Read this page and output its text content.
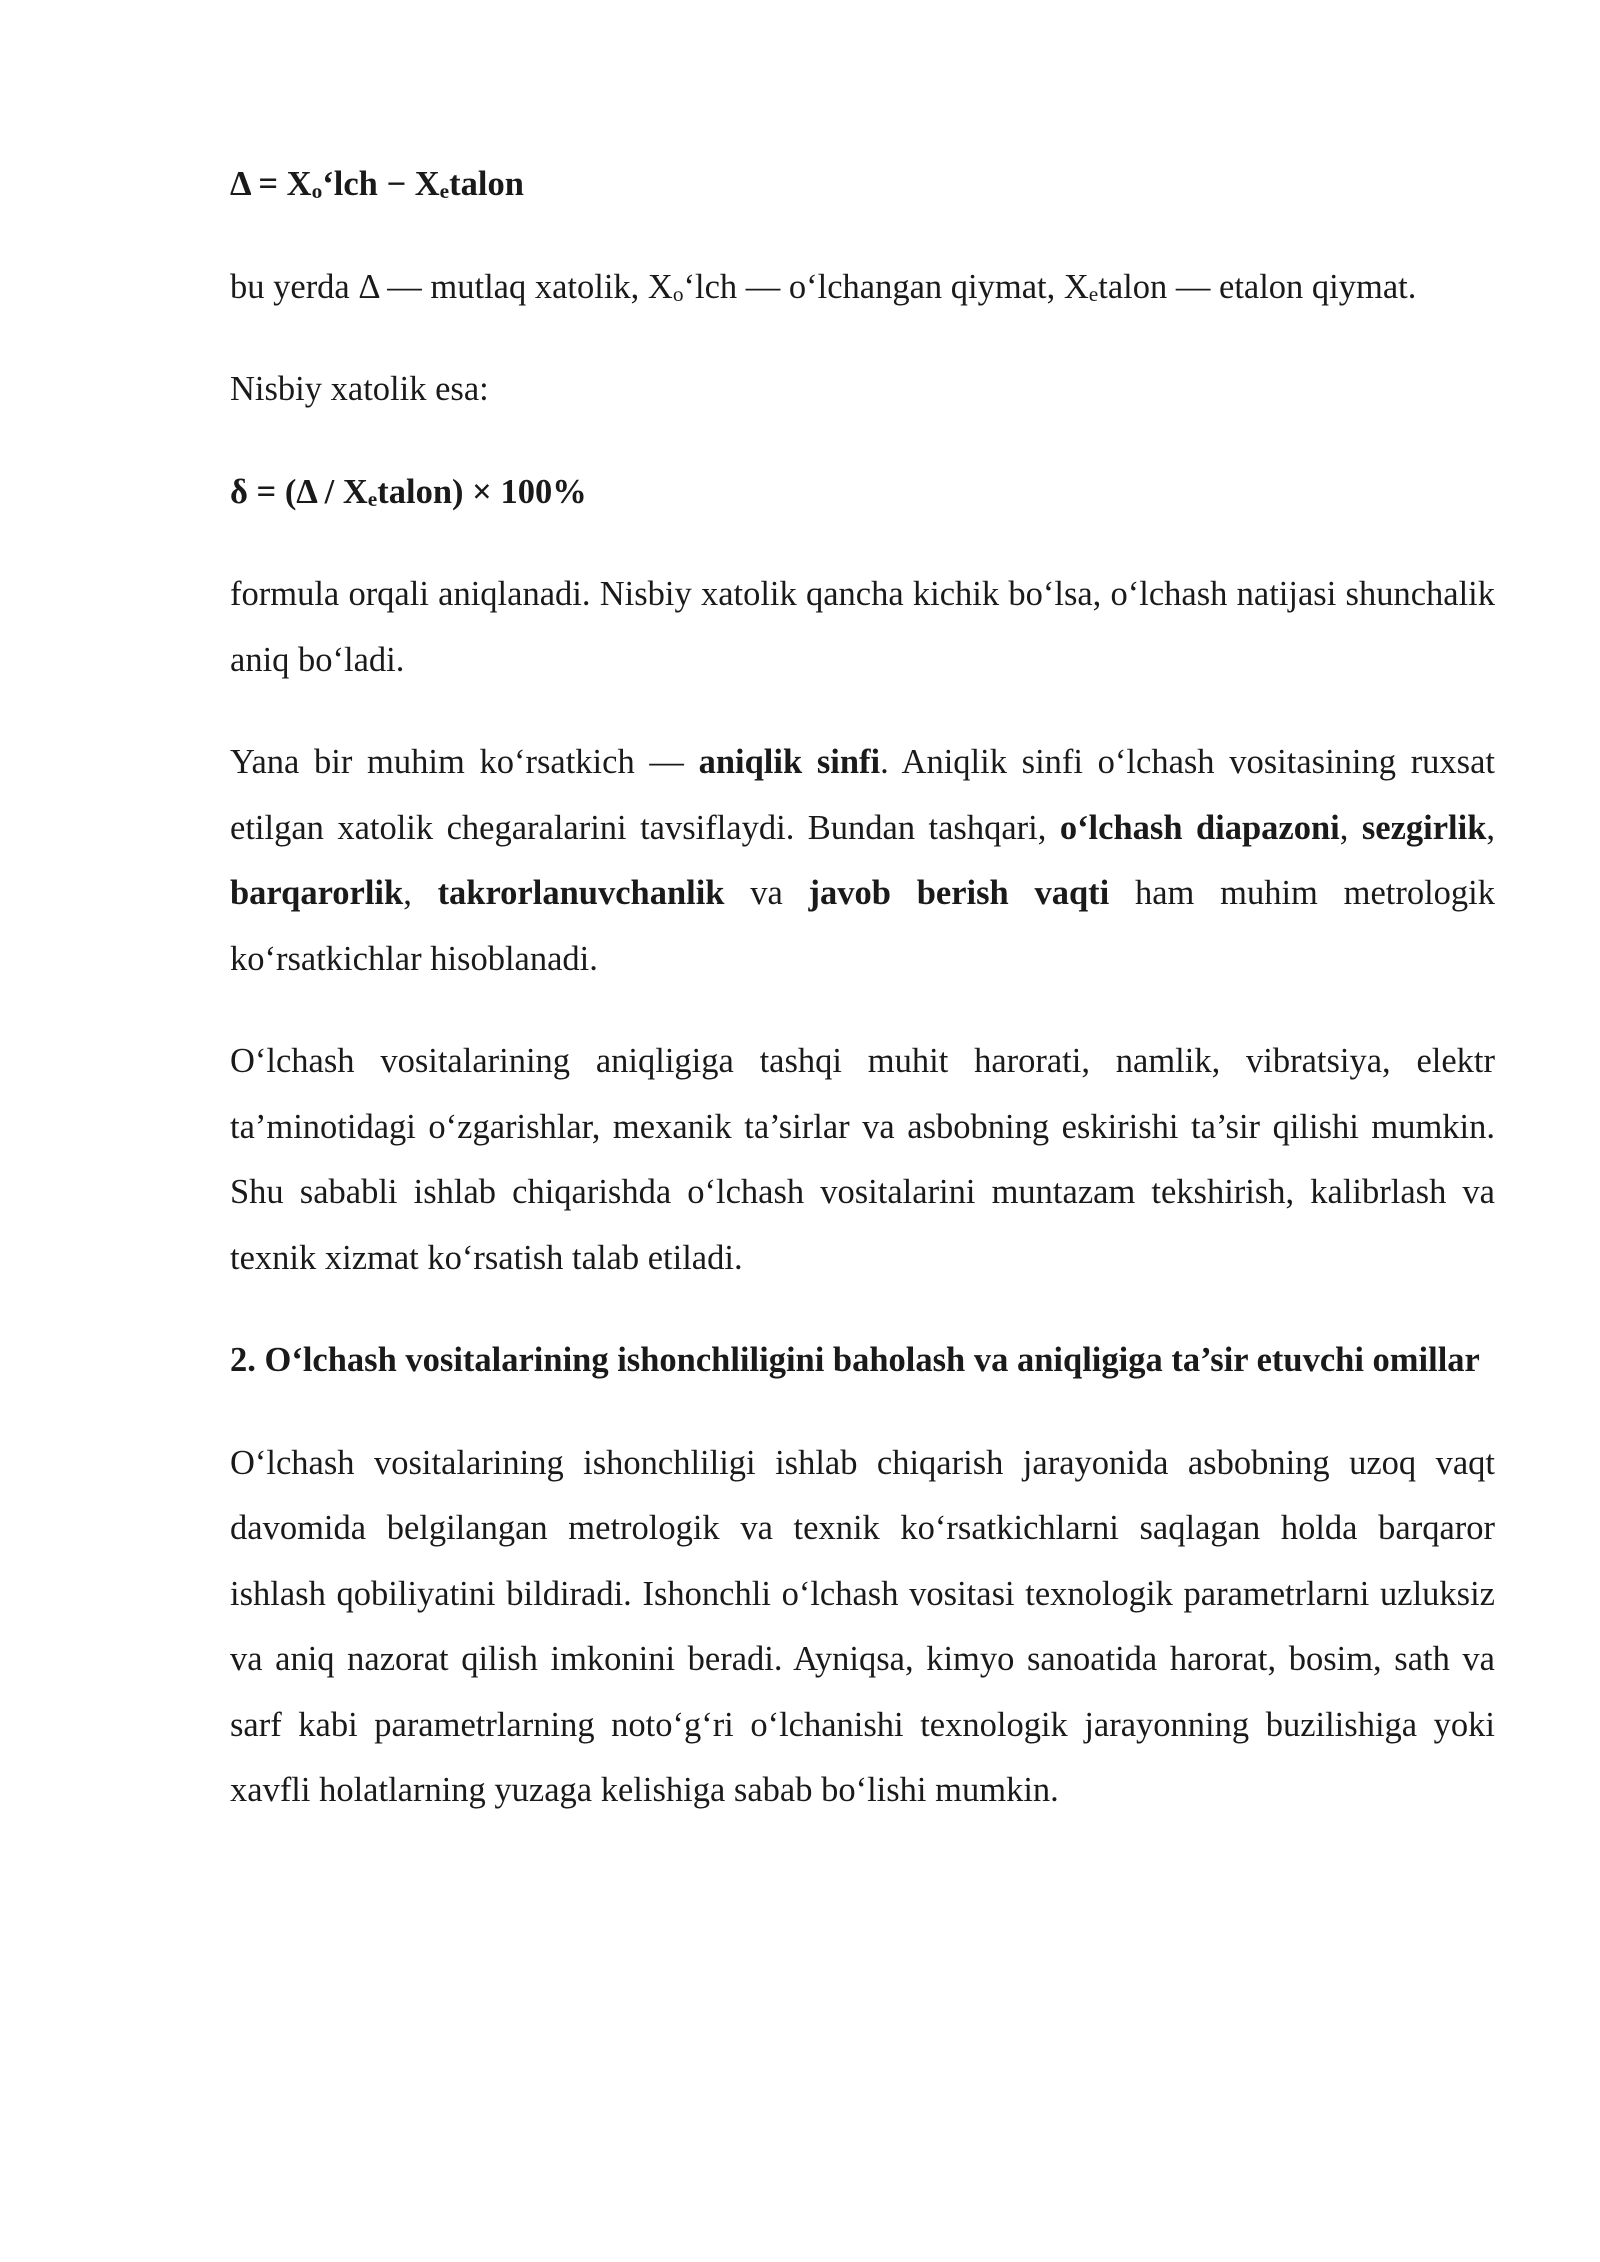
$\Delta = X_o‘lch$ − $X_etalon$

bu yerda Δ — mutlaq xatolik, $X_o‘lch$ — o‘lchangan qiymat, $X_etalon$ — etalon qiymat.

Nisbiy xatolik esa:

$\delta = (\Delta / X_etalon) \times 100\%$

formula orqali aniqlanadi. Nisbiy xatolik qancha kichik bo‘lsa, o‘lchash natijasi shunchalik aniq bo‘ladi.

Yana bir muhim ko‘rsatkich — aniqlik sinfi. Aniqlik sinfi o‘lchash vositasining ruxsat etilgan xatolik chegaralarini tavsiflaydi. Bundan tashqari, o‘lchash diapazoni, sezgirlik, barqarorlik, takrorlanuvchanlik va javob berish vaqti ham muhim metrologik ko‘rsatkichlar hisoblanadi.

O‘lchash vositalarining aniqligiga tashqi muhit harorati, namlik, vibratsiya, elektr ta’minotidagi o‘zgarishlar, mexanik ta’sirlar va asbobning eskirishi ta’sir qilishi mumkin. Shu sababli ishlab chiqarishda o‘lchash vositalarini muntazam tekshirish, kalibrlash va texnik xizmat ko‘rsatish talab etiladi.

2. O‘lchash vositalarining ishonchliligini baholash va aniqligiga ta’sir etuvchi omillar

O‘lchash vositalarining ishonchliligi ishlab chiqarish jarayonida asbobning uzoq vaqt davomida belgilangan metrologik va texnik ko‘rsatkichlarni saqlagan holda barqaror ishlash qobiliyatini bildiradi. Ishonchli o‘lchash vositasi texnologik parametrlarni uzluksiz va aniq nazorat qilish imkonini beradi. Ayniqsa, kimyo sanoatida harorat, bosim, sath va sarf kabi parametrlarning noto‘g‘ri o‘lchanishi texnologik jarayonning buzilishiga yoki xavfli holatlarning yuzaga kelishiga sabab bo‘lishi mumkin.
